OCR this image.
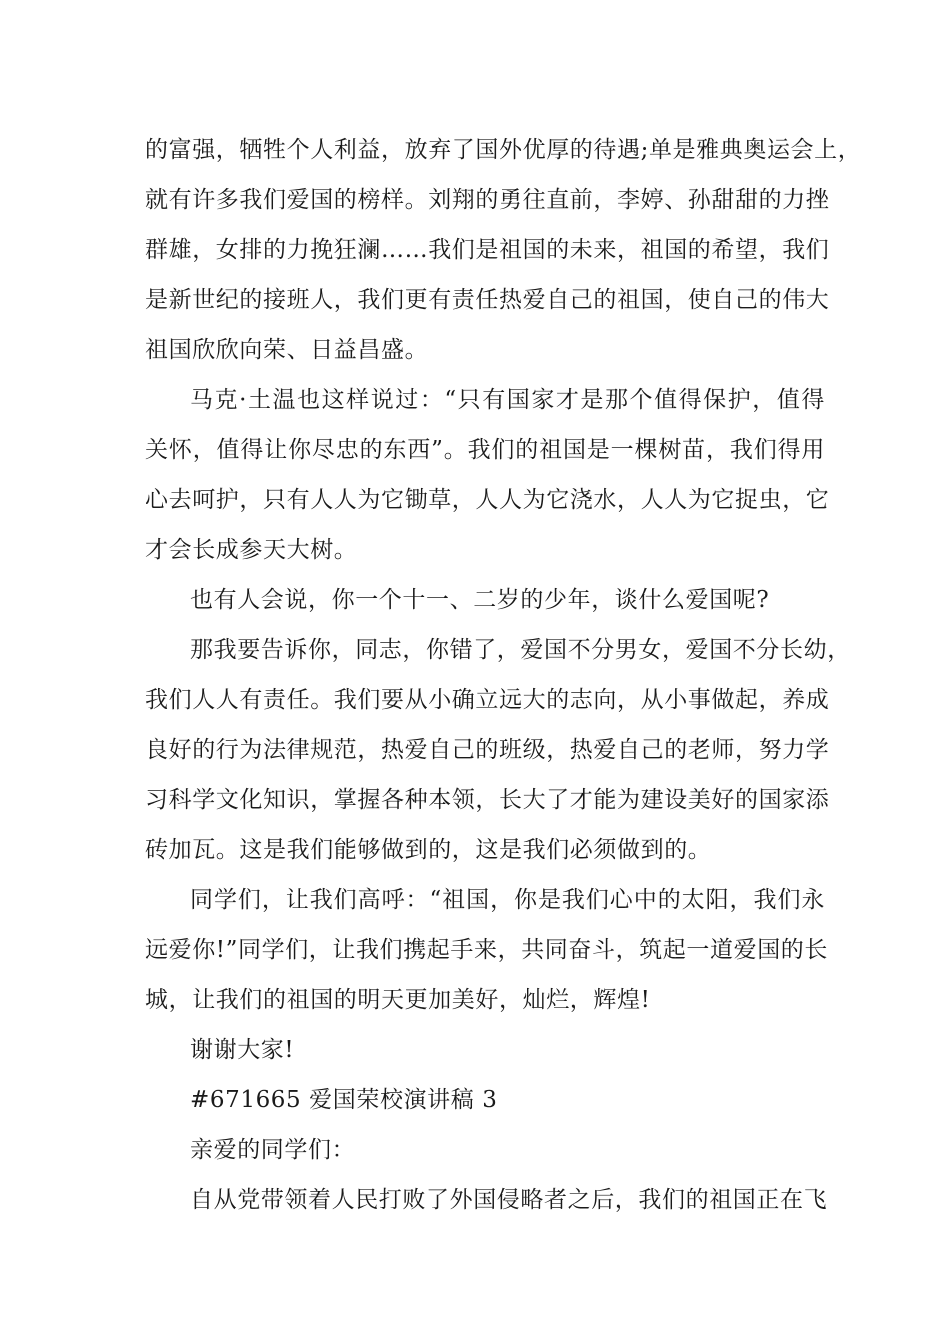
的富强，牺牲个人利益，放弃了国外优厚的待遇;单是雅典奥运会上，
就有许多我们爱国的榜样。刘翔的勇往直前，李婷、孙甜甜的力挫
群雄，女排的力挽狂澜……我们是祖国的未来，祖国的希望，我们
是新世纪的接班人，我们更有责任热爱自己的祖国，使自己的伟大
祖国欣欣向荣、日益昌盛。
马克·土温也这样说过：“只有国家才是那个值得保护，值得
关怀，值得让你尽忠的东西”。我们的祖国是一棵树苗，我们得用
心去呵护，只有人人为它锄草，人人为它浇水，人人为它捉虫，它
才会长成参天大树。
也有人会说，你一个十一、二岁的少年，谈什么爱国呢?
那我要告诉你，同志，你错了，爱国不分男女，爱国不分长幼，
我们人人有责任。我们要从小确立远大的志向，从小事做起，养成
良好的行为法律规范，热爱自己的班级，热爱自己的老师，努力学
习科学文化知识，掌握各种本领，长大了才能为建设美好的国家添
砖加瓦。这是我们能够做到的，这是我们必须做到的。
同学们，让我们高呼：“祖国，你是我们心中的太阳，我们永
远爱你!”同学们，让我们携起手来，共同奋斗，筑起一道爱国的长
城，让我们的祖国的明天更加美好，灿烂，辉煌!
谢谢大家!
#671665 爱国荣校演讲稿 3
亲爱的同学们：
自从党带领着人民打败了外国侵略者之后，我们的祖国正在飞
